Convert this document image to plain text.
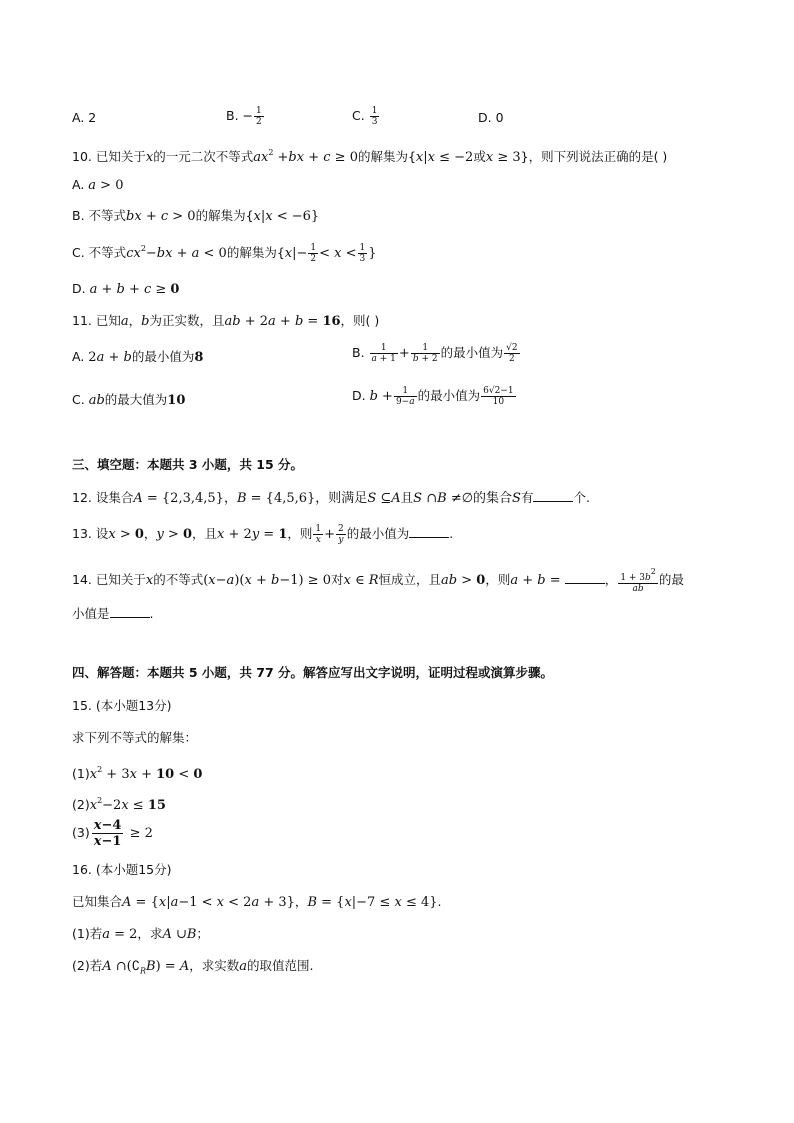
A. 2	B. − $\frac{1}{2}$	C. $\frac{1}{3}$	D. 0
10. 已知关于x的一元二次不等式$ax^2 +bx + c \ge 0$的解集为{x|x ≤ −2或x ≥ 3}，则下列说法正确的是( )
A. a > 0
B. 不等式bx + c > 0的解集为{x|x < −6}
C. 不等式$cx^2-bx + a < 0$的解集为{$x|- \frac{1}{2} < x < \frac{1}{3}$ }
D. a + b + c ≥ 0
11. 已知a，b为正实数，且ab + 2a + b = 16，则( )
A. 2a + b的最小值为8	B. $\frac{1}{a + 1} + \frac{1}{b + 2}$ 的最小值为 $\frac{√2}{2}$
C. ab的最大值为10	D. $b + \frac{1}{9-a}$ 的最小值为 $\frac{6√2-1}{10}$
三、填空题：本题共 3 小题，共 15 分。
12. 设集合A = {2,3,4,5}，B = {4,5,6}，则满足S ⊆A且S ∩B ≠∅的集合S有	个.
13. 设x > 0，y > 0，且x + 2y = 1，则 $\frac{1}{x} + \frac{2}{y}$ 的最小值为	.
14. 已知关于x的不等式(x−a)(x + b−1) ≥ 0对x ∈ R恒成立，且ab > 0，则a + b =	， $\frac{1 + 3b^2}{ab}$ 的最
小值是	.
四、解答题：本题共 5 小题，共 77 分。解答应写出文字说明，证明过程或演算步骤。
15. (本小题13分)
求下列不等式的解集：
$(1)x^2 + 3x + 10 < 0$
$(2)x^2-2x \le 15$
$(3) \frac{x-4}{x-1} \ge 2$
16. (本小题15分)
已知集合A = {x|a−1 < x < 2a + 3}，B = {x|−7 ≤ x ≤ 4}.
(1)若a = 2，求A ∪B；
(2)若A $\cap(∁_RB) = A$，求实数a的取值范围.
